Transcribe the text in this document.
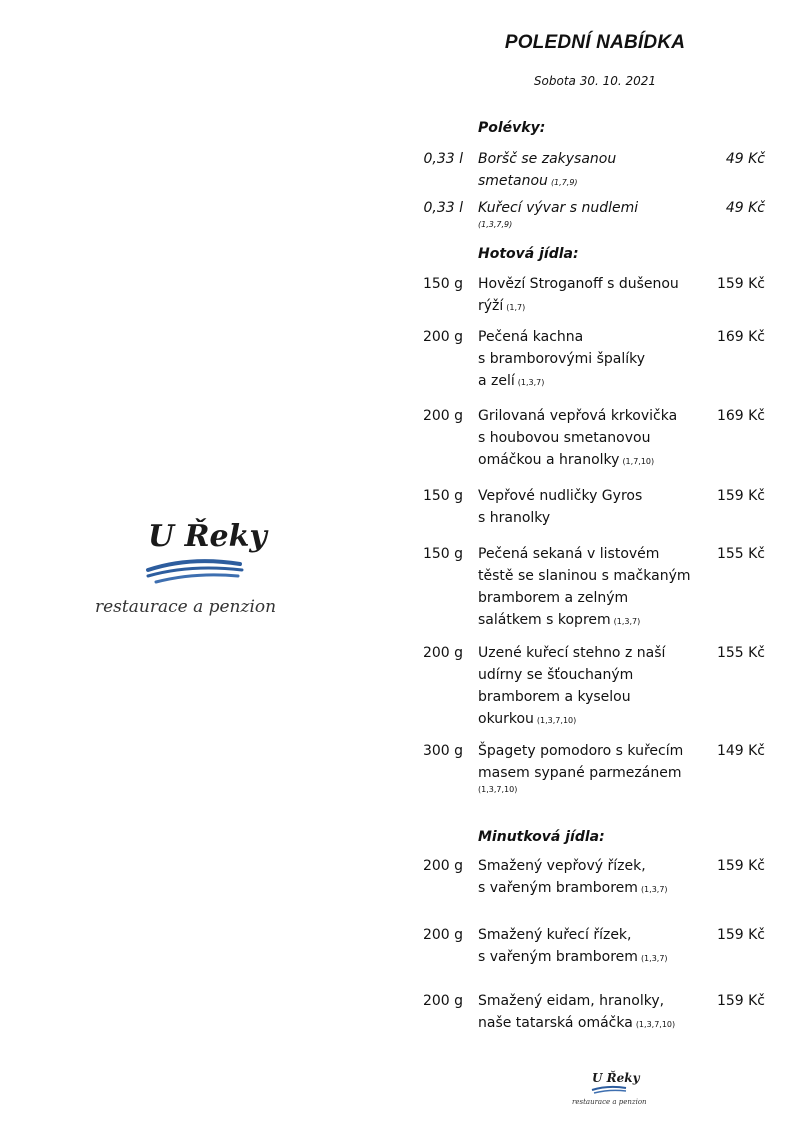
POLEDNÍ NABÍDKA
Sobota 30. 10. 2021
U Řeky
restaurace a penzion
U Řeky
restaurace a penzion
Polévky:
0,33 l Boršč se zakysanou
smetanou (1,7,9)
49 Kč
0,33 l Kuřecí vývar s nudlemi
(1,3,7,9)
49 Kč
Hotová jídla:
150 g Hovězí Stroganoff s dušenou
rýží (1,7)
159 Kč
200 g Pečená kachna
s bramborovými špalíky
a zelí (1,3,7)
169 Kč
200 g Grilovaná vepřová krkovička
s houbovou smetanovou
omáčkou a hranolky (1,7,10)
169 Kč
150 g Vepřové nudličky Gyros
s hranolky
159 Kč
150 g Pečená sekaná v listovém
těstě se slaninou s mačkaným
bramborem a zelným
salátkem s koprem (1,3,7)
155 Kč
200 g Uzené kuřecí stehno z naší
udírny se šťouchaným
bramborem a kyselou
okurkou (1,3,7,10)
155 Kč
300 g Špagety pomodoro s kuřecím
masem sypané parmezánem
(1,3,7,10)
149 Kč
Minutková jídla:
200 g Smažený vepřový řízek,
s vařeným bramborem (1,3,7)
159 Kč
200 g Smažený kuřecí řízek,
s vařeným bramborem (1,3,7)
159 Kč
200 g Smažený eidam, hranolky,
naše tatarská omáčka (1,3,7,10)
159 Kč
